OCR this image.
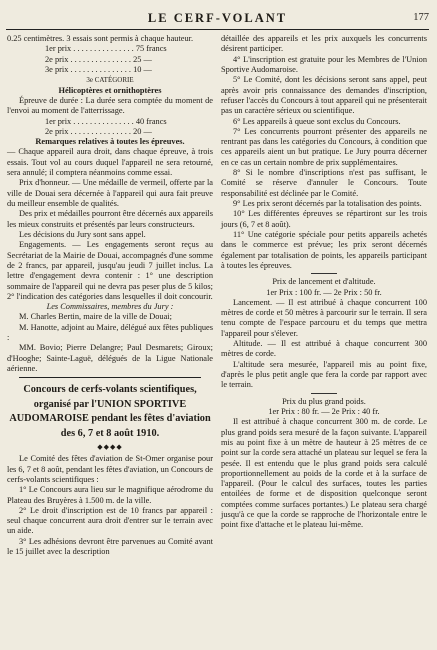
LE CERF-VOLANT	177

0.25 centimètres. 3 essais sont permis à chaque hauteur.

1er prix . . . . . . . . . . . . . . . 75 francs
2e prix . . . . . . . . . . . . . . . 25 —
3e prix . . . . . . . . . . . . . . . 10 —

3e CATÉGORIE

Hélicoptères et ornithoptères

Épreuve de durée : La durée sera comptée du moment de l'envoi au moment de l'atterrissage.

1er prix . . . . . . . . . . . . . . . 40 francs
2e prix . . . . . . . . . . . . . . . 20 —

Remarques relatives à toutes les épreuves.

— Chaque appareil aura droit, dans chaque épreuve, à trois essais. Tout vol au cours duquel l'appareil ne sera retourné, sera annulé; il comptera néanmoins comme essai.

Prix d'honneur. — Une médaille de vermeil, offerte par la ville de Douai sera décernée à l'appareil qui aura fait preuve du meilleur ensemble de qualités.

Des prix et médailles pourront être décernés aux appareils les mieux construits et présentés par leurs constructeurs.

Les décisions du Jury sont sans appel.

Engagements. — Les engagements seront reçus au Secrétariat de la Mairie de Douai, accompagnés d'une somme de 2 francs, par appareil, jusqu'au jeudi 7 juillet inclus. La lettre d'engagement devra contenir : 1° une description sommaire de l'appareil qui ne devra pas peser plus de 5 kilos; 2° l'indication des catégories dans lesquelles il doit concourir.

Les Commissaires, membres du Jury :

M. Charles Bertin, maire de la ville de Douai;

M. Hanotte, adjoint au Maire, délégué aux fêtes publiques :

MM. Bovio; Pierre Delangre; Paul Desmarets; Giroux; d'Hooghe; Sainte-Laguë, délégués de la Ligue Nationale aérienne.

Concours de cerfs-volants scientifiques, organisé par l'UNION SPORTIVE AUDOMAROISE pendant les fêtes d'aviation des 6, 7 et 8 août 1910.

◆◆◆◆

Le Comité des fêtes d'aviation de St-Omer organise pour les 6, 7 et 8 août, pendant les fêtes d'aviation, un Concours de cerfs-volants scientifiques :

1° Le Concours aura lieu sur le magnifique aérodrome du Plateau des Bruyères à 1.500 m. de la ville.

2° Le droit d'inscription est de 10 francs par appareil : seul chaque concurrent aura droit d'entrer sur le terrain avec un aide.

3° Les adhésions devront être parvenues au Comité avant le 15 juillet avec la description

détaillée des appareils et les prix auxquels les concurrents désirent participer.

4° L'inscription est gratuite pour les Membres de l'Union Sportive Audomaroise.

5° Le Comité, dont les décisions seront sans appel, peut après avoir pris connaissance des demandes d'inscription, refuser l'accès du Concours à tout appareil qui ne présenterait pas un caractère sérieux ou scientifique.

6° Les appareils à queue sont exclus du Concours.

7° Les concurrents pourront présenter des appareils ne rentrant pas dans les catégories du Concours, à condition que ces appareils aient un but pratique. Le Jury pourra décerner en ce cas un certain nombre de prix supplémentaires.

8° Si le nombre d'inscriptions n'est pas suffisant, le Comité se réserve d'annuler le Concours. Toute responsabilité est déclinée par le Comité.

9° Les prix seront décernés par la totalisation des points.

10° Les différentes épreuves se répartiront sur les trois jours (6, 7 et 8 août).

11° Une catégorie spéciale pour petits appareils achetés dans le commerce est prévue; les prix seront décernés également par totalisation de points, les appareils participant à toutes les épreuves.

Prix de lancement et d'altitude.

1er Prix : 100 fr. — 2e Prix : 50 fr.

Lancement. — Il est attribué à chaque concurrent 100 mètres de corde et 50 mètres à parcourir sur le terrain. Il sera tenu compte de l'espace parcouru et du temps que mettra l'appareil pour s'élever.

Altitude. — Il est attribué à chaque concurrent 300 mètres de corde.

L'altitude sera mesurée, l'appareil mis au point fixe, d'après le plus petit angle que fera la corde par rapport avec le terrain.

Prix du plus grand poids.

1er Prix : 80 fr. — 2e Prix : 40 fr.

Il est attribué à chaque concurrent 300 m. de corde. Le plus grand poids sera mesuré de la façon suivante. L'appareil mis au point fixe à un mètre de hauteur à 25 mètres de ce point sur la corde sera attaché un plateau sur lequel se fera la pesée. Il est entendu que le plus grand poids sera calculé proportionnellement au poids de la corde et à la surface de l'appareil. (Pour le calcul des surfaces, toutes les parties entoilées de forme et de disposition quelconque seront comptées comme surfaces portantes.) Le plateau sera chargé jusqu'à ce que la corde se rapproche de l'horizontale entre le point fixe d'attache et le plateau lui-même.
